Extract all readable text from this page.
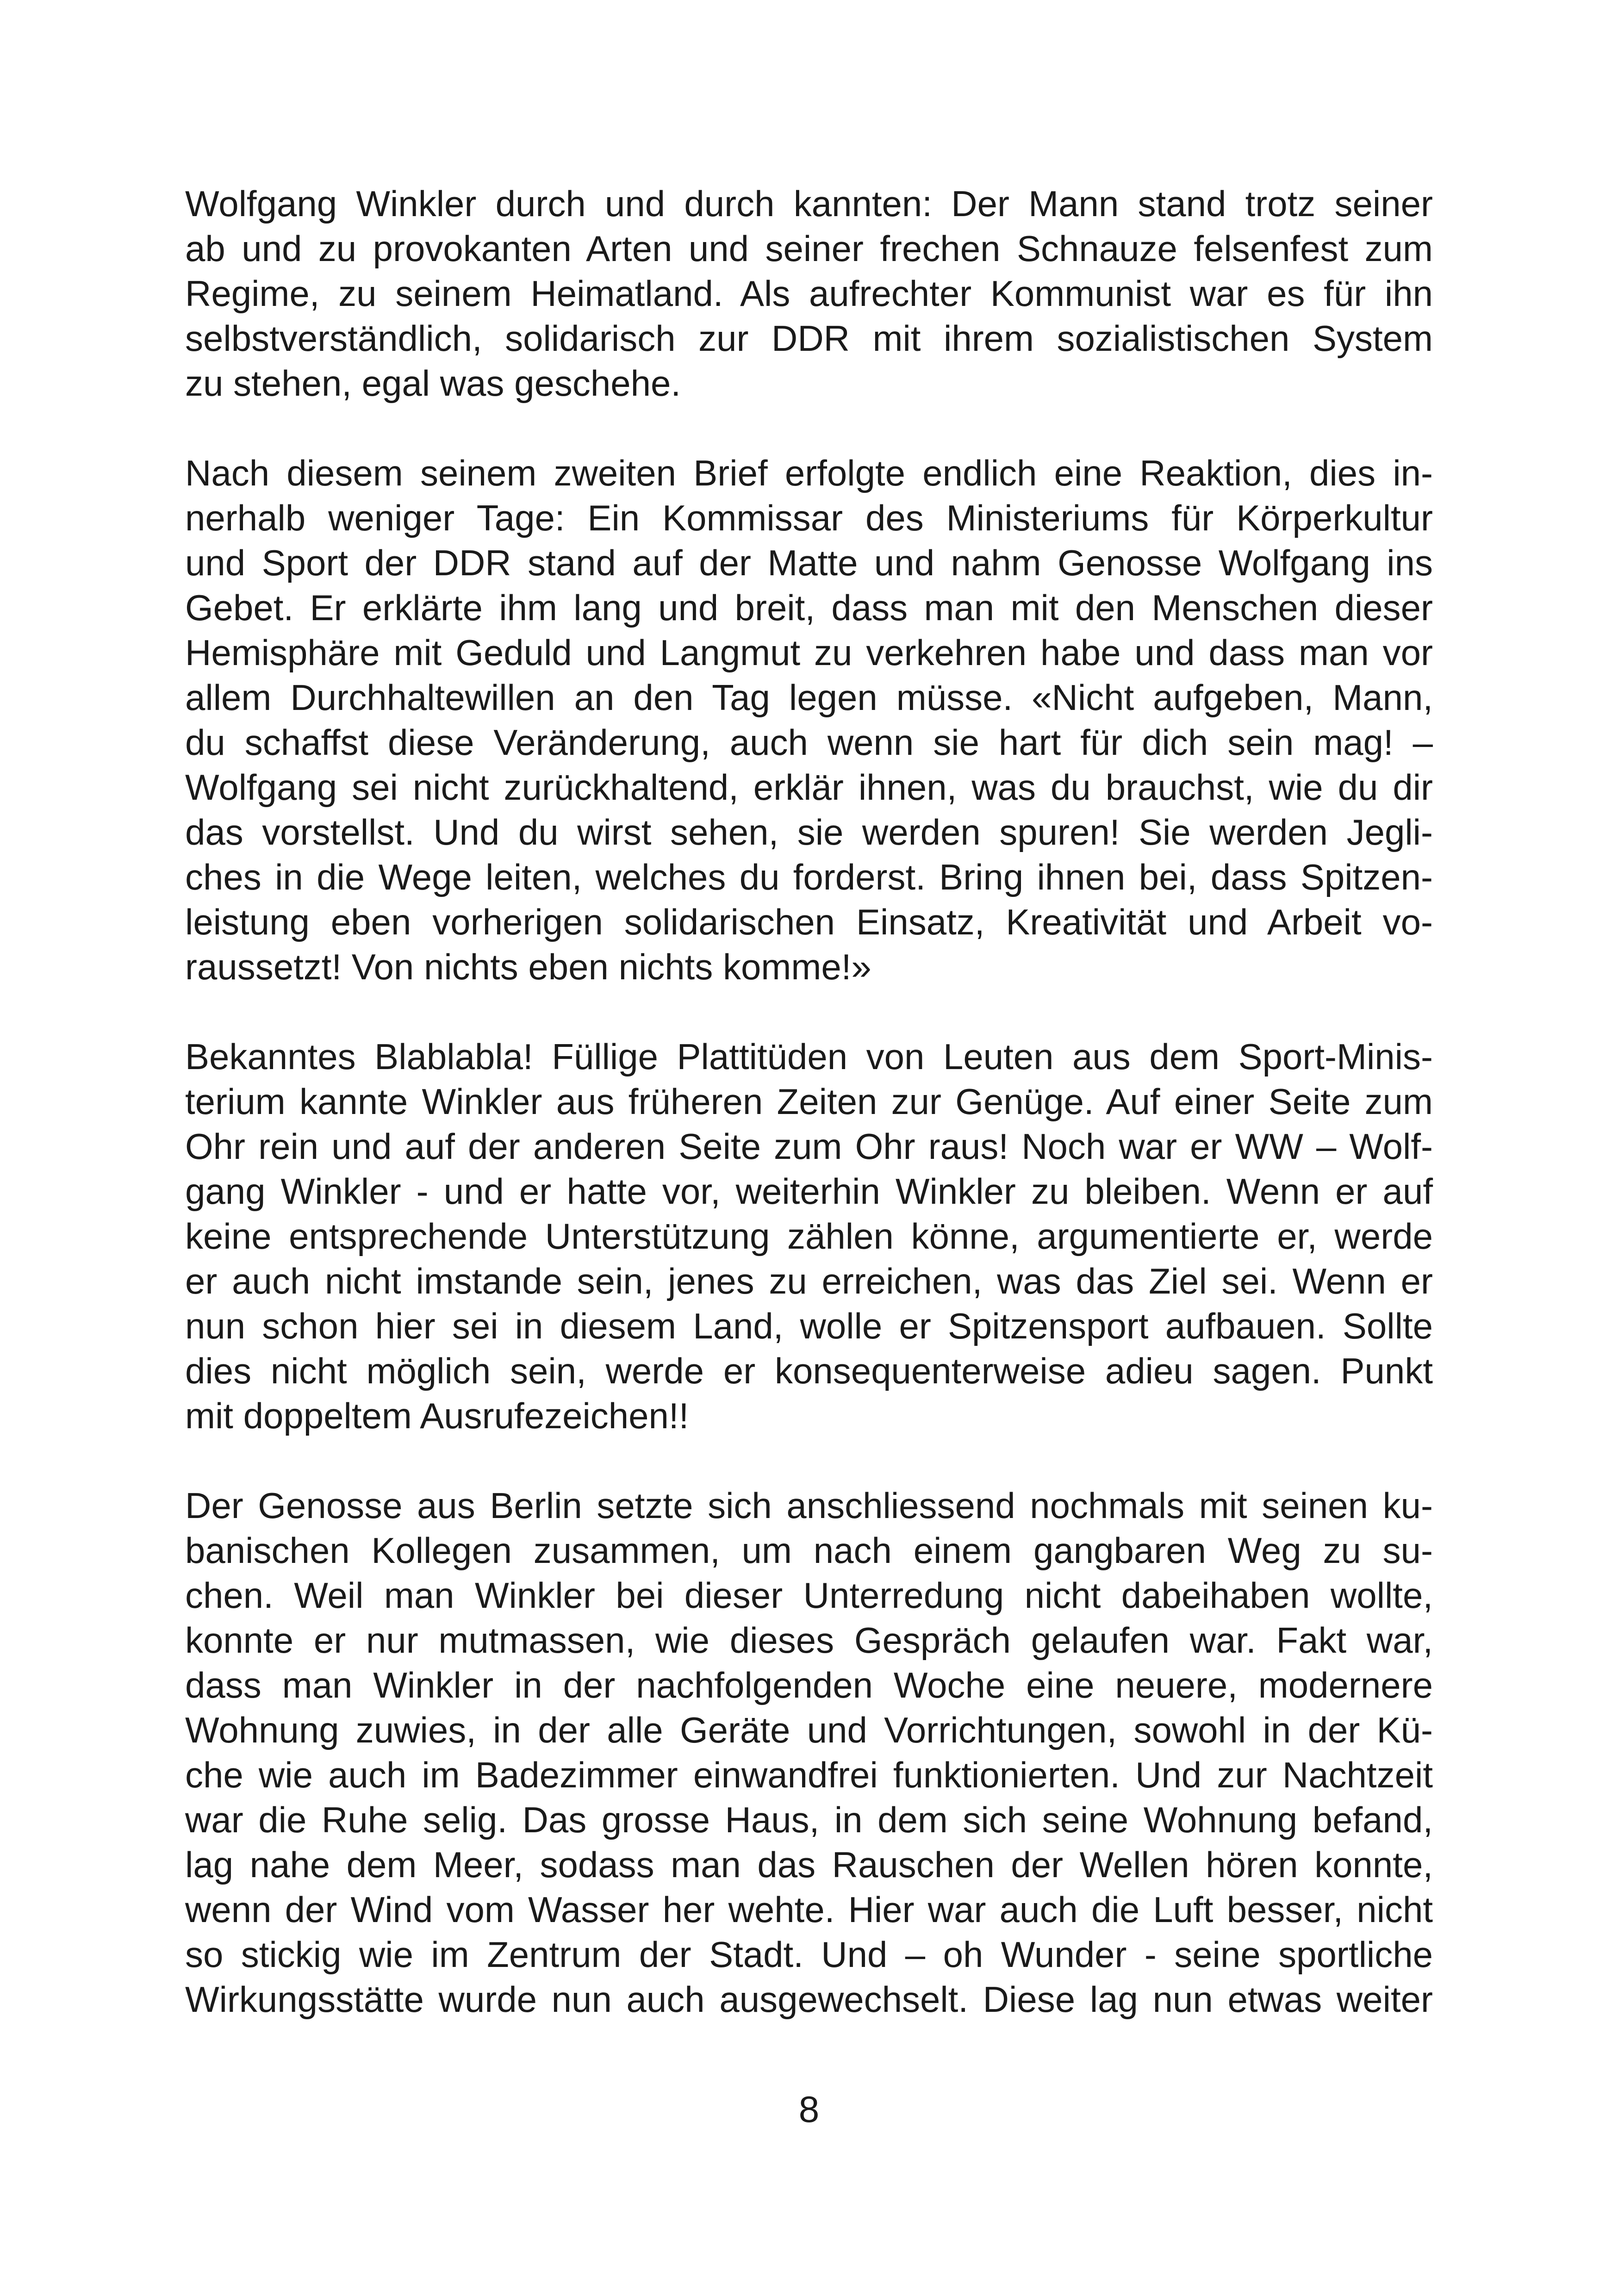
Wolfgang Winkler durch und durch kannten: Der Mann stand trotz seiner
ab und zu provokanten Arten und seiner frechen Schnauze felsenfest zum
Regime, zu seinem Heimatland. Als aufrechter Kommunist war es für ihn
selbstverständlich, solidarisch zur DDR mit ihrem sozialistischen System
zu stehen, egal was geschehe.
Nach diesem seinem zweiten Brief erfolgte endlich eine Reaktion, dies in-
nerhalb weniger Tage: Ein Kommissar des Ministeriums für Körperkultur
und Sport der DDR stand auf der Matte und nahm Genosse Wolfgang ins
Gebet. Er erklärte ihm lang und breit, dass man mit den Menschen dieser
Hemisphäre mit Geduld und Langmut zu verkehren habe und dass man vor
allem Durchhaltewillen an den Tag legen müsse. «Nicht aufgeben, Mann,
du schaffst diese Veränderung, auch wenn sie hart für dich sein mag! –
Wolfgang sei nicht zurückhaltend, erklär ihnen, was du brauchst, wie du dir
das vorstellst. Und du wirst sehen, sie werden spuren! Sie werden Jegli-
ches in die Wege leiten, welches du forderst. Bring ihnen bei, dass Spitzen-
leistung eben vorherigen solidarischen Einsatz, Kreativität und Arbeit vo-
raussetzt! Von nichts eben nichts komme!»
Bekanntes Blablabla! Füllige Plattitüden von Leuten aus dem Sport-Minis-
terium kannte Winkler aus früheren Zeiten zur Genüge. Auf einer Seite zum
Ohr rein und auf der anderen Seite zum Ohr raus! Noch war er WW – Wolf-
gang Winkler - und er hatte vor, weiterhin Winkler zu bleiben. Wenn er auf
keine entsprechende Unterstützung zählen könne, argumentierte er, werde
er auch nicht imstande sein, jenes zu erreichen, was das Ziel sei. Wenn er
nun schon hier sei in diesem Land, wolle er Spitzensport aufbauen. Sollte
dies nicht möglich sein, werde er konsequenterweise adieu sagen. Punkt
mit doppeltem Ausrufezeichen!!
Der Genosse aus Berlin setzte sich anschliessend nochmals mit seinen ku-
banischen Kollegen zusammen, um nach einem gangbaren Weg zu su-
chen. Weil man Winkler bei dieser Unterredung nicht dabeihaben wollte,
konnte er nur mutmassen, wie dieses Gespräch gelaufen war. Fakt war,
dass man Winkler in der nachfolgenden Woche eine neuere, modernere
Wohnung zuwies, in der alle Geräte und Vorrichtungen, sowohl in der Kü-
che wie auch im Badezimmer einwandfrei funktionierten. Und zur Nachtzeit
war die Ruhe selig. Das grosse Haus, in dem sich seine Wohnung befand,
lag nahe dem Meer, sodass man das Rauschen der Wellen hören konnte,
wenn der Wind vom Wasser her wehte. Hier war auch die Luft besser, nicht
so stickig wie im Zentrum der Stadt. Und – oh Wunder - seine sportliche
Wirkungsstätte wurde nun auch ausgewechselt. Diese lag nun etwas weiter
8
